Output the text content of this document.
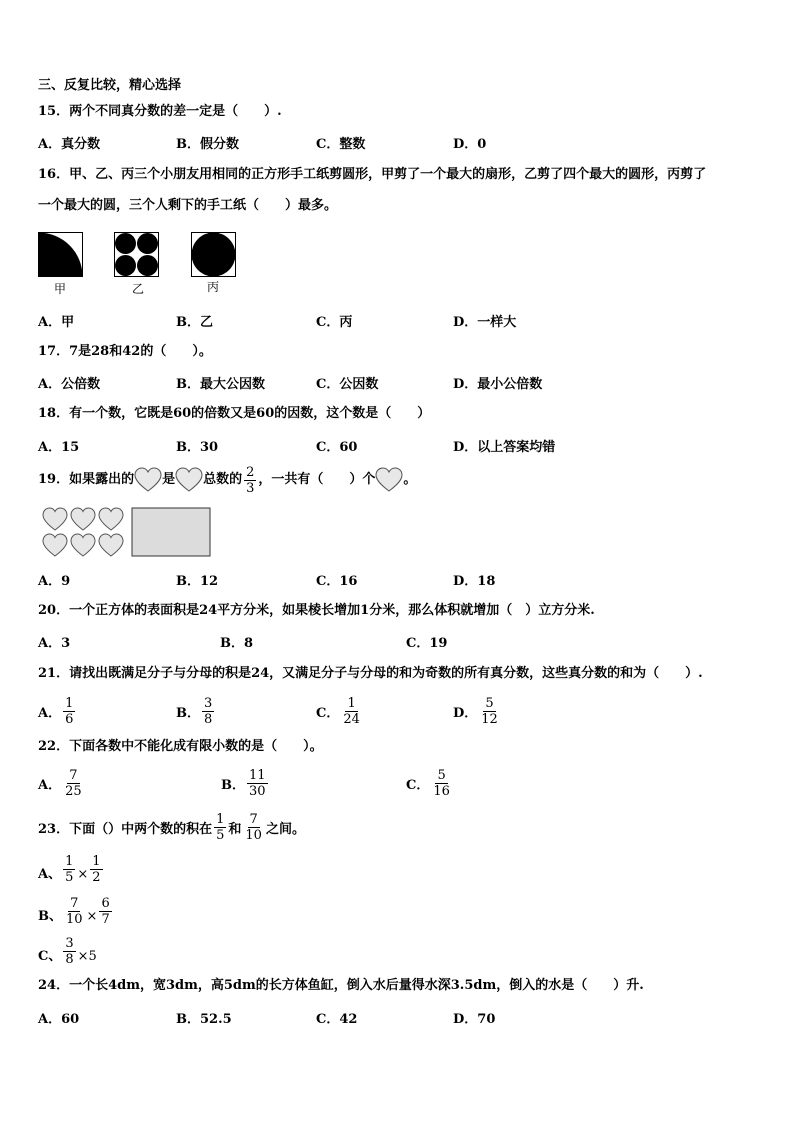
三、反复比较，精心选择
15．两个不同真分数的差一定是（　　）.
A．真分数	B．假分数	C．整数	D．0
16．甲、乙、丙三个小朋友用相同的正方形手工纸剪圆形，甲剪了一个最大的扇形，乙剪了四个最大的圆形，丙剪了
一个最大的圆，三个人剩下的手工纸（　　）最多。
甲	乙	丙
A．甲	B．乙	C．丙	D．一样大
17．7是28和42的（　　）。
A．公倍数	B．最大公因数	C．公因数	D．最小公倍数
18．有一个数，它既是60的倍数又是60的因数，这个数是（　　）
A．15	B．30	C．60	D．以上答案均错
19．如果露出的 是 总数的 $\frac{2}{3}$ ，一共有（　　）个 。
A．9	B．12	C．16	D．18
20．一个正方体的表面积是24平方分米，如果棱长增加1分米，那么体积就增加（　）立方分米.
A．3	B．8	C．19
21．请找出既满足分子与分母的积是24，又满足分子与分母的和为奇数的所有真分数，这些真分数的和为（　　）.
A． $\frac{1}{6}$	B． $\frac{3}{8}$	C． $\frac{1}{24}$	D． $\frac{5}{12}$
22．下面各数中不能化成有限小数的是（　　）。
A． $\frac{7}{25}$	B． $\frac{11}{30}$	C． $\frac{5}{16}$
23．下面（）中两个数的积在 $\frac{1}{5}$ 和 $\frac{7}{10}$ 之间。
A、 $\frac{1}{5} \times \frac{1}{2}$
B、 $\frac{7}{10} \times \frac{6}{7}$
C、 $\frac{3}{8} \times 5$
24．一个长4dm，宽3dm，高5dm的长方体鱼缸，倒入水后量得水深3.5dm，倒入的水是（　　）升.
A．60	B．52.5	C．42	D．70
